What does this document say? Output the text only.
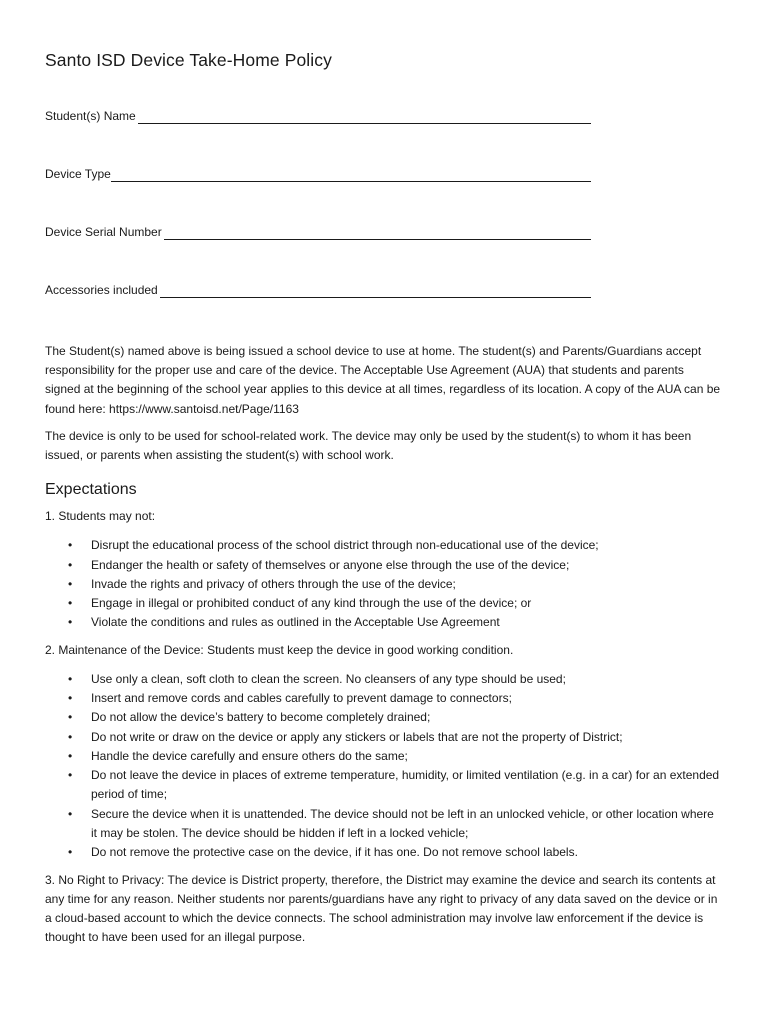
Santo ISD Device Take-Home Policy
Student(s) Name
Device Type
Device Serial Number
Accessories included

The Student(s) named above is being issued a school device to use at home. The student(s) and Parents/Guardians accept responsibility for the proper use and care of the device. The Acceptable Use Agreement (AUA) that students and parents signed at the beginning of the school year applies to this device at all times, regardless of its location. A copy of the AUA can be found here: https://www.santoisd.net/Page/1163

The device is only to be used for school-related work. The device may only be used by the student(s) to whom it has been issued, or parents when assisting the student(s) with school work.

Expectations

1. Students may not:

• Disrupt the educational process of the school district through non-educational use of the device;
• Endanger the health or safety of themselves or anyone else through the use of the device;
• Invade the rights and privacy of others through the use of the device;
• Engage in illegal or prohibited conduct of any kind through the use of the device; or
• Violate the conditions and rules as outlined in the Acceptable Use Agreement

2. Maintenance of the Device: Students must keep the device in good working condition.

• Use only a clean, soft cloth to clean the screen. No cleansers of any type should be used;
• Insert and remove cords and cables carefully to prevent damage to connectors;
• Do not allow the device’s battery to become completely drained;
• Do not write or draw on the device or apply any stickers or labels that are not the property of District;
• Handle the device carefully and ensure others do the same;
• Do not leave the device in places of extreme temperature, humidity, or limited ventilation (e.g. in a car) for an extended period of time;
• Secure the device when it is unattended. The device should not be left in an unlocked vehicle, or other location where it may be stolen. The device should be hidden if left in a locked vehicle;
• Do not remove the protective case on the device, if it has one. Do not remove school labels.

3. No Right to Privacy: The device is District property, therefore, the District may examine the device and search its contents at any time for any reason. Neither students nor parents/guardians have any right to privacy of any data saved on the device or in a cloud-based account to which the device connects. The school administration may involve law enforcement if the device is thought to have been used for an illegal purpose.
